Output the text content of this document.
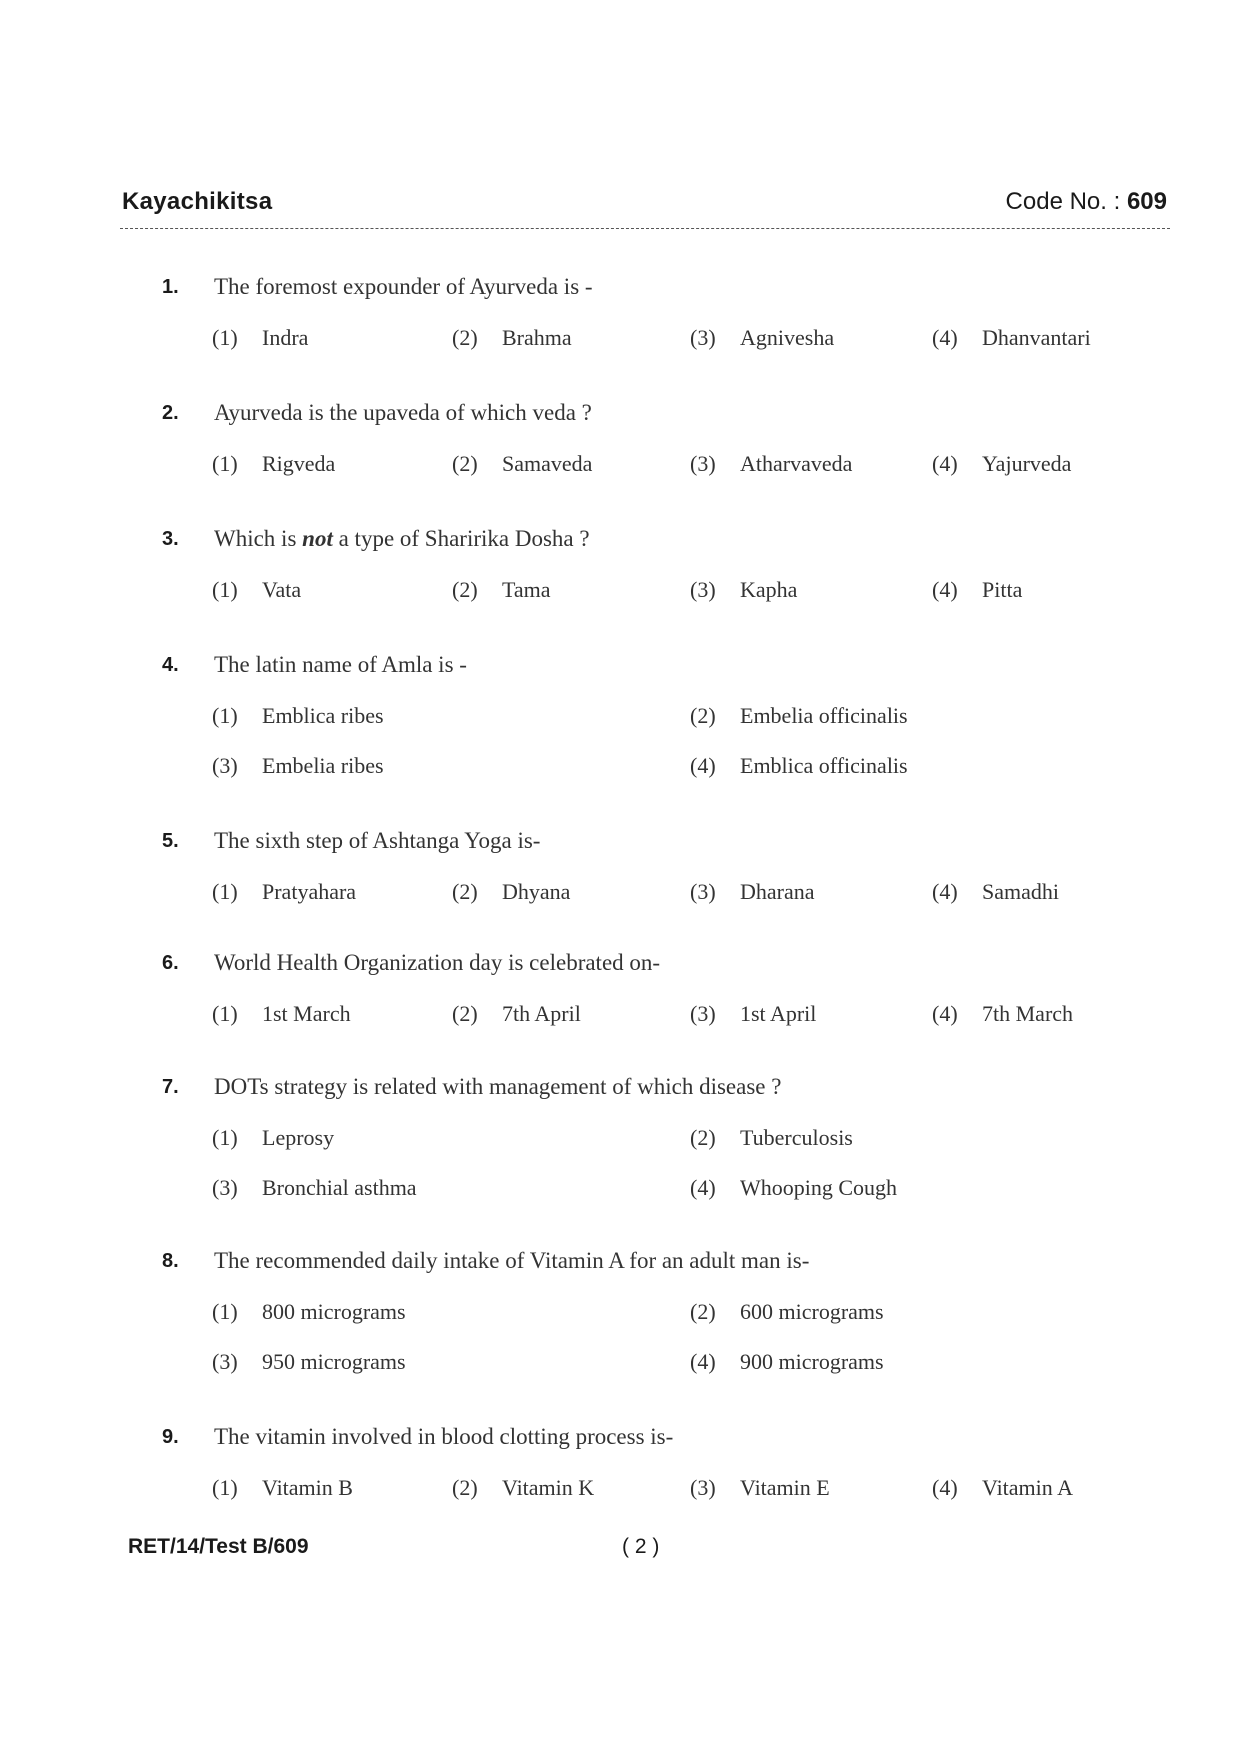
Kayachikitsa	Code No. : 609
1. The foremost expounder of Ayurveda is -
(1) Indra	(2) Brahma	(3) Agnivesha	(4) Dhanvantari
2. Ayurveda is the upaveda of which veda ?
(1) Rigveda	(2) Samaveda	(3) Atharvaveda	(4) Yajurveda
3. Which is not a type of Sharirika Dosha ?
(1) Vata	(2) Tama	(3) Kapha	(4) Pitta
4. The latin name of Amla is -
(1) Emblica ribes	(2) Embelia officinalis
(3) Embelia ribes	(4) Emblica officinalis
5. The sixth step of Ashtanga Yoga is-
(1) Pratyahara	(2) Dhyana	(3) Dharana	(4) Samadhi
6. World Health Organization day is celebrated on-
(1) 1st March	(2) 7th April	(3) 1st April	(4) 7th March
7. DOTs strategy is related with management of which disease ?
(1) Leprosy	(2) Tuberculosis
(3) Bronchial asthma	(4) Whooping Cough
8. The recommended daily intake of Vitamin A for an adult man is-
(1) 800 micrograms	(2) 600 micrograms
(3) 950 micrograms	(4) 900 micrograms
9. The vitamin involved in blood clotting process is-
(1) Vitamin B	(2) Vitamin K	(3) Vitamin E	(4) Vitamin A
RET/14/Test B/609	( 2 )
